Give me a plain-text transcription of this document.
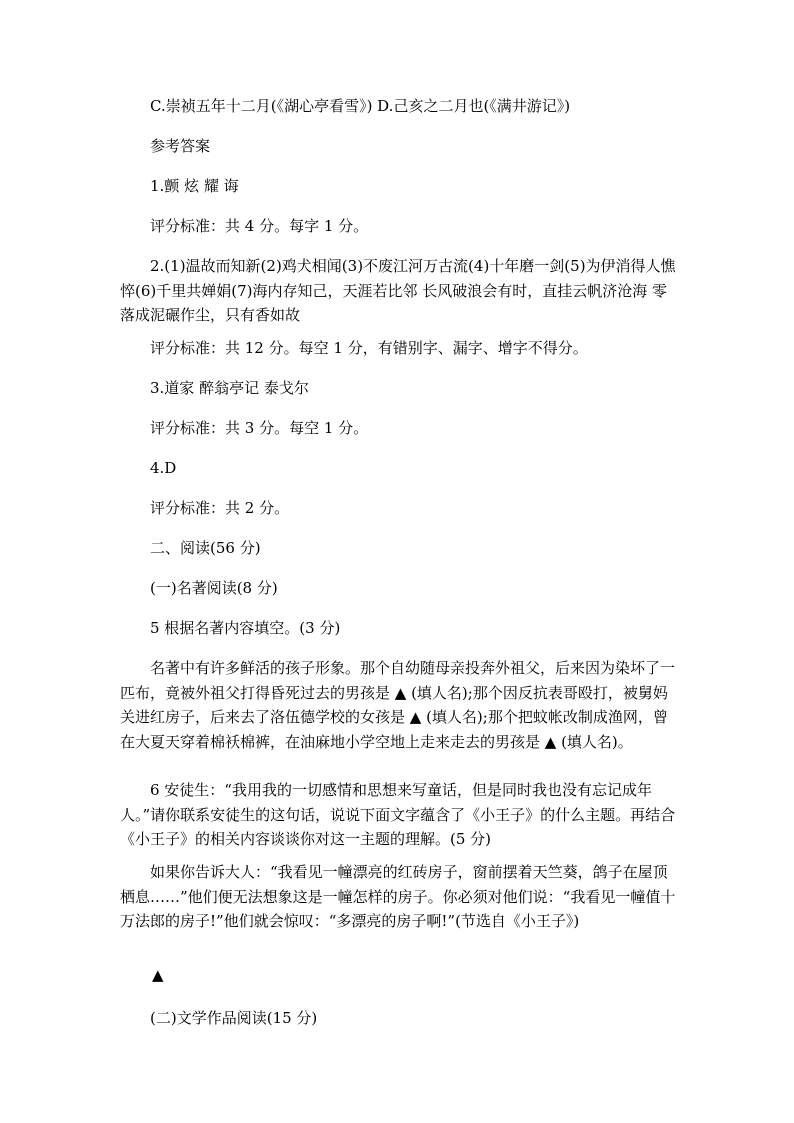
C.崇祯五年十二月(《湖心亭看雪》) D.己亥之二月也(《满井游记》)

参考答案

1.颤 炫 耀 诲

评分标准：共 4 分。每字 1 分。

2.(1)温故而知新(2)鸡犬相闻(3)不废江河万古流(4)十年磨一剑(5)为伊消得人憔悴(6)千里共婵娟(7)海内存知己，天涯若比邻 长风破浪会有时，直挂云帆济沧海 零落成泥碾作尘，只有香如故

评分标准：共 12 分。每空 1 分，有错别字、漏字、增字不得分。

3.道家 醉翁亭记 泰戈尔

评分标准：共 3 分。每空 1 分。

4.D

评分标准：共 2 分。

二、阅读(56 分)

(一)名著阅读(8 分)

5 根据名著内容填空。(3 分)

名著中有许多鲜活的孩子形象。那个自幼随母亲投奔外祖父，后来因为染坏了一匹布，竟被外祖父打得昏死过去的男孩是 ▲ (填人名);那个因反抗表哥殴打，被舅妈关进红房子，后来去了洛伍德学校的女孩是 ▲ (填人名);那个把蚊帐改制成渔网，曾在大夏天穿着棉袄棉裤，在油麻地小学空地上走来走去的男孩是 ▲ (填人名)。

6 安徒生：“我用我的一切感情和思想来写童话，但是同时我也没有忘记成年人。”请你联系安徒生的这句话，说说下面文字蕴含了《小王子》的什么主题。再结合《小王子》的相关内容谈谈你对这一主题的理解。(5 分)

如果你告诉大人：“我看见一幢漂亮的红砖房子，窗前摆着天竺葵，鸽子在屋顶栖息……”他们便无法想象这是一幢怎样的房子。你必须对他们说：“我看见一幢值十万法郎的房子!”他们就会惊叹：“多漂亮的房子啊!”(节选自《小王子》)

▲

(二)文学作品阅读(15 分)
